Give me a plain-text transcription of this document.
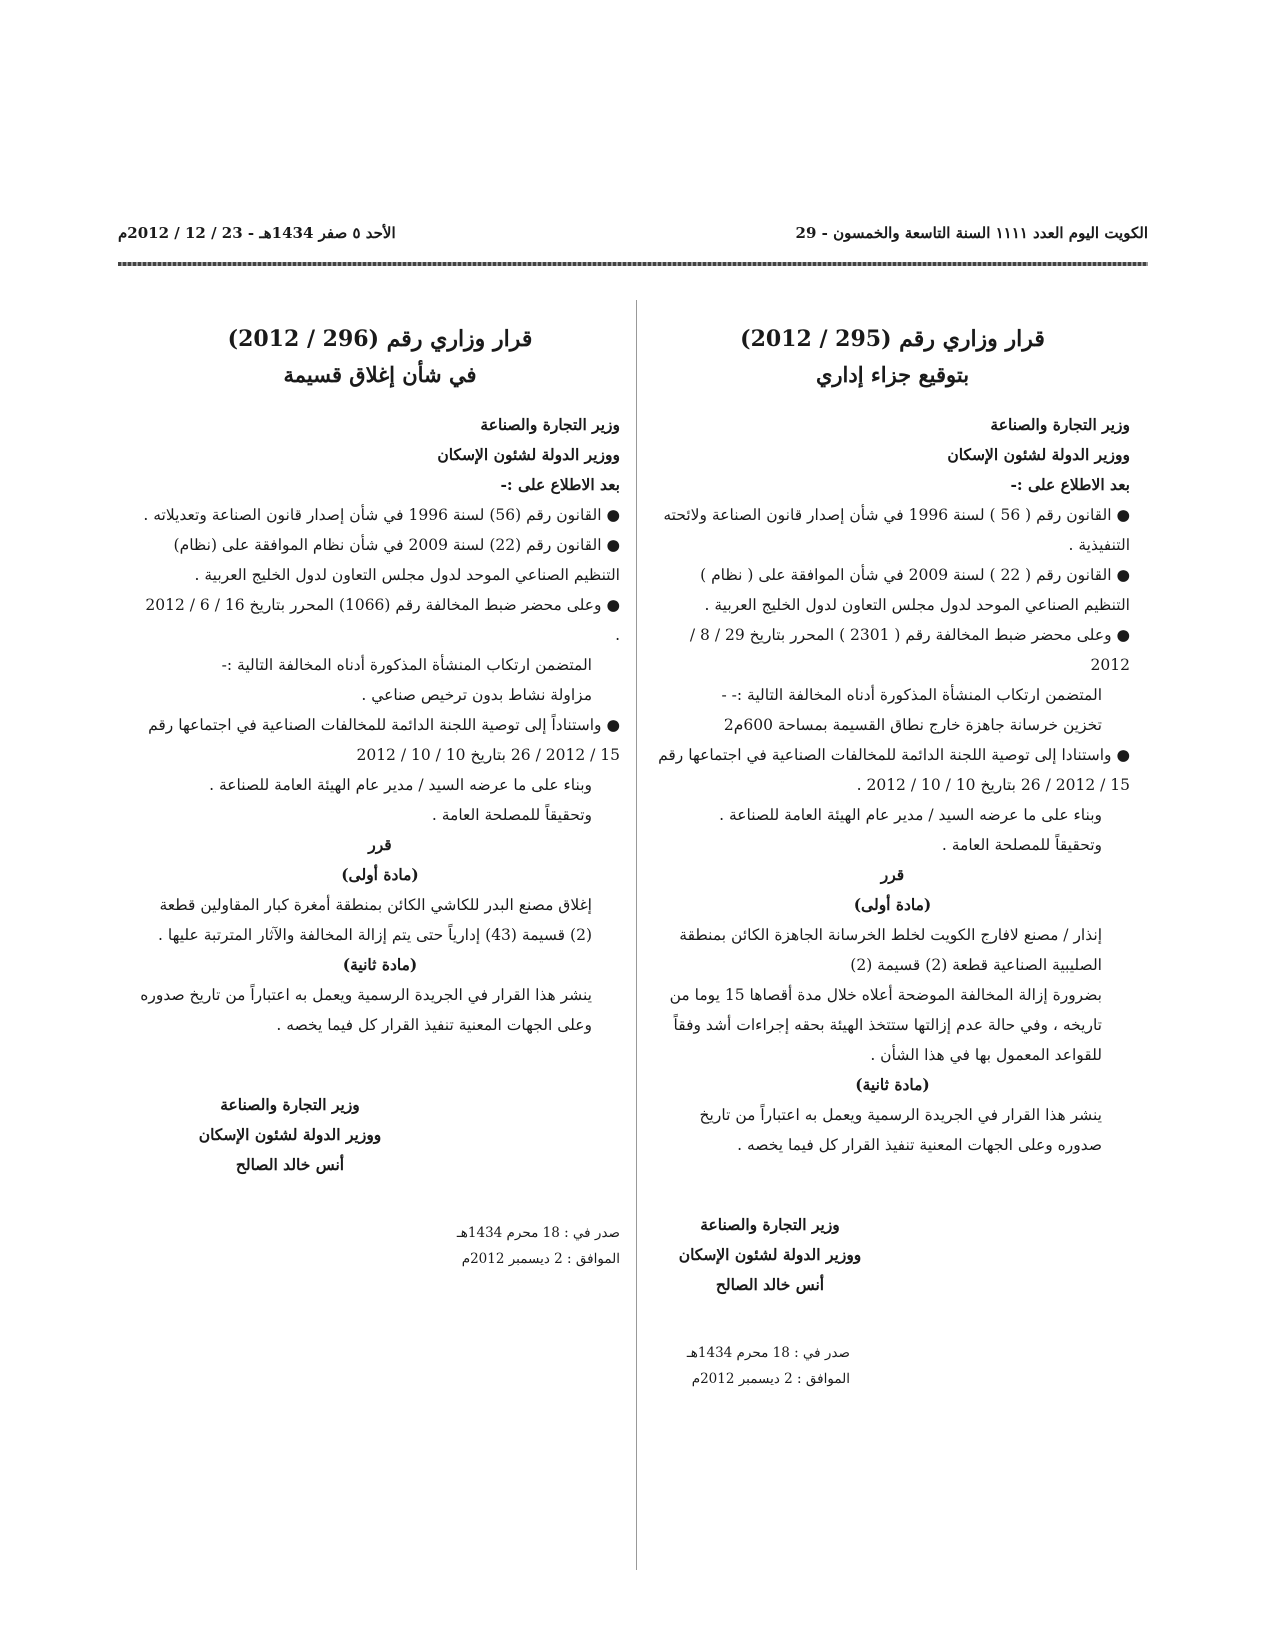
الكويت اليوم العدد ١١١١ السنة التاسعة والخمسون - 29
الأحد ٥ صفر 1434هـ - 23 / 12 / 2012م

قرار وزاري رقم (295 / 2012)

بتوقيع جزاء إداري

وزير التجارة والصناعة

ووزير الدولة لشئون الإسكان

بعد الاطلاع على :-

● القانون رقم ( 56 ) لسنة 1996 في شأن إصدار قانون الصناعة ولائحته التنفيذية .

● القانون رقم ( 22 ) لسنة 2009 في شأن الموافقة على ( نظام ) التنظيم الصناعي الموحد لدول مجلس التعاون لدول الخليج العربية .

● وعلى محضر ضبط المخالفة رقم ( 2301 ) المحرر بتاريخ 29 / 8 / 2012

المتضمن ارتكاب المنشأة المذكورة أدناه المخالفة التالية :- -

تخزين خرسانة جاهزة خارج نطاق القسيمة بمساحة 600م2

● واستنادا إلى توصية اللجنة الدائمة للمخالفات الصناعية في اجتماعها رقم 15 / 2012 / 26 بتاريخ 10 / 10 / 2012 .

وبناء على ما عرضه السيد / مدير عام الهيئة العامة للصناعة .

وتحقيقاً للمصلحة العامة .

قرر

(مادة أولى)

إنذار / مصنع لافارج الكويت لخلط الخرسانة الجاهزة الكائن بمنطقة الصليبية الصناعية قطعة (2) قسيمة (2)

بضرورة إزالة المخالفة الموضحة أعلاه خلال مدة أقصاها 15 يوما من تاريخه ، وفي حالة عدم إزالتها ستتخذ الهيئة بحقه إجراءات أشد وفقاً للقواعد المعمول بها في هذا الشأن .

(مادة ثانية)

ينشر هذا القرار في الجريدة الرسمية ويعمل به اعتباراً من تاريخ صدوره وعلى الجهات المعنية تنفيذ القرار كل فيما يخصه .

وزير التجارة والصناعة

ووزير الدولة لشئون الإسكان

أنس خالد الصالح

صدر في : 18 محرم 1434هـ

الموافق : 2 ديسمبر 2012م

قرار وزاري رقم (296 / 2012)

في شأن إغلاق قسيمة

وزير التجارة والصناعة

ووزير الدولة لشئون الإسكان

بعد الاطلاع على :-

● القانون رقم (56) لسنة 1996 في شأن إصدار قانون الصناعة وتعديلاته .

● القانون رقم (22) لسنة 2009 في شأن نظام الموافقة على (نظام) التنظيم الصناعي الموحد لدول مجلس التعاون لدول الخليج العربية .

● وعلى محضر ضبط المخالفة رقم (1066) المحرر بتاريخ 16 / 6 / 2012 .

المتضمن ارتكاب المنشأة المذكورة أدناه المخالفة التالية :-

مزاولة نشاط بدون ترخيص صناعي .

● واستناداً إلى توصية اللجنة الدائمة للمخالفات الصناعية في اجتماعها رقم 15 / 2012 / 26 بتاريخ 10 / 10 / 2012

وبناء على ما عرضه السيد / مدير عام الهيئة العامة للصناعة .

وتحقيقاً للمصلحة العامة .

قرر

(مادة أولى)

إغلاق مصنع البدر للكاشي الكائن بمنطقة أمغرة كبار المقاولين قطعة (2) قسيمة (43) إدارياً حتى يتم إزالة المخالفة والآثار المترتبة عليها .

(مادة ثانية)

ينشر هذا القرار في الجريدة الرسمية ويعمل به اعتباراً من تاريخ صدوره وعلى الجهات المعنية تنفيذ القرار كل فيما يخصه .

وزير التجارة والصناعة

ووزير الدولة لشئون الإسكان

أنس خالد الصالح

صدر في : 18 محرم 1434هـ

الموافق : 2 ديسمبر 2012م
